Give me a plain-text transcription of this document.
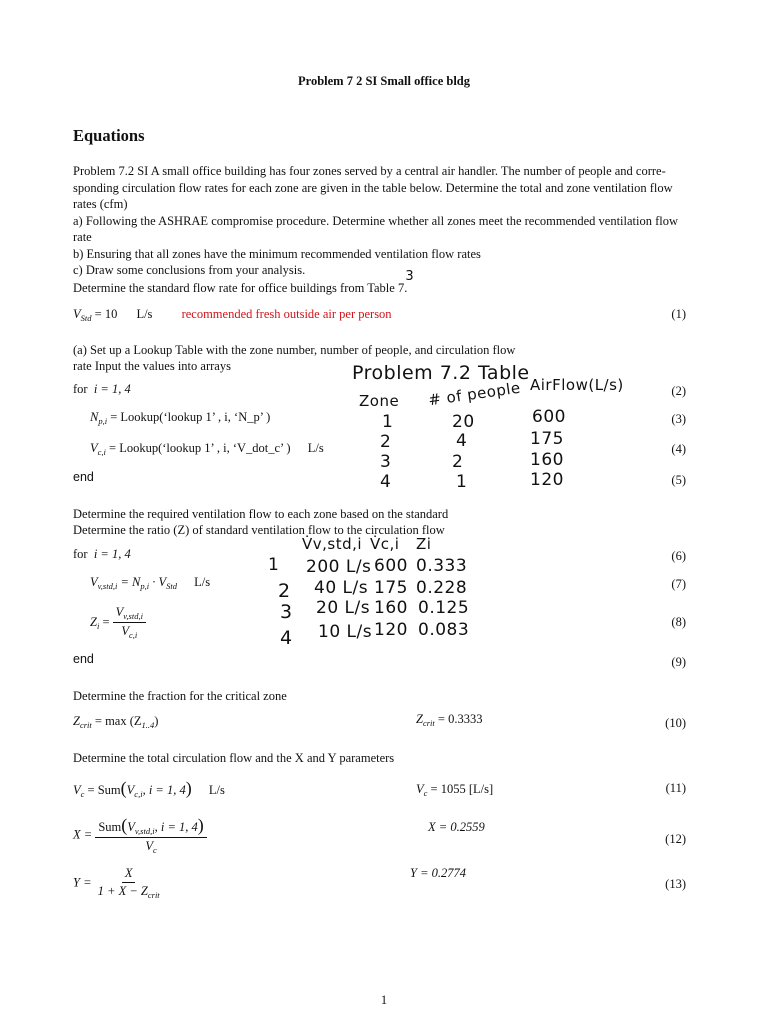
Problem 7 2 SI Small office bldg
Equations
Problem 7.2 SI A small office building has four zones served by a central air handler. The number of people and corre-
sponding circulation flow rates for each zone are given in the table below. Determine the total and zone ventilation flow
rates (cfm)
a) Following the ASHRAE compromise procedure. Determine whether all zones meet the recommended ventilation flow
rate
b) Ensuring that all zones have the minimum recommended ventilation flow rates
c) Draw some conclusions from your analysis.
Determine the standard flow rate for office buildings from Table 7.3
$V_{Std} = 10$ L/s recommended fresh outside air per person	(1)
(a) Set up a Lookup Table with the zone number, number of people, and circulation flow
rate Input the values into arrays
for i = 1, 4	(2)
$N_{p,i}$ = Lookup(‘lookup 1’ , i, ‘N_p’ )	(3)
$V_{c,i}$ = Lookup(‘lookup 1’ , i, ‘V_dot_c’ ) L/s	(4)
end	(5)
Determine the required ventilation flow to each zone based on the standard
Determine the ratio (Z) of standard ventilation flow to the circulation flow
for i = 1, 4	(6)
$V_{v,std,i} = N_{p,i} \cdot V_{Std}$ L/s	(7)
$Z_i = \frac{V_{v,std,i}}{V_{c,i}}$	(8)
end	(9)
Determine the fraction for the critical zone
$Z_{crit} = \max (Z_{1..4})$	$Z_{crit} = 0.3333$	(10)
Determine the total circulation flow and the X and Y parameters
$V_c = Sum(V_{c,i}$, i = 1, 4) L/s	$V_c = 1055$ [L/s]	(11)
$X = \frac{Sum(V_{v,std,i}, i = 1, 4)}{V_c}$	X = 0.2559
(12)
$Y = \frac{X}{1 + X - Z_{crit}}$	Y = 0.2774
(13)
Problem 7.2 Table
Zone # of people AirFlow(L/s)
1	20	600
2	4	175
3	2	160
4	1	120
V̇v,std,i V̇c,i Zi
1 200 L/s 600 0.333
2 40 L/s 175 0.228
3 20 L/s 160 0.125
4 10 L/s 120 0.083
1
